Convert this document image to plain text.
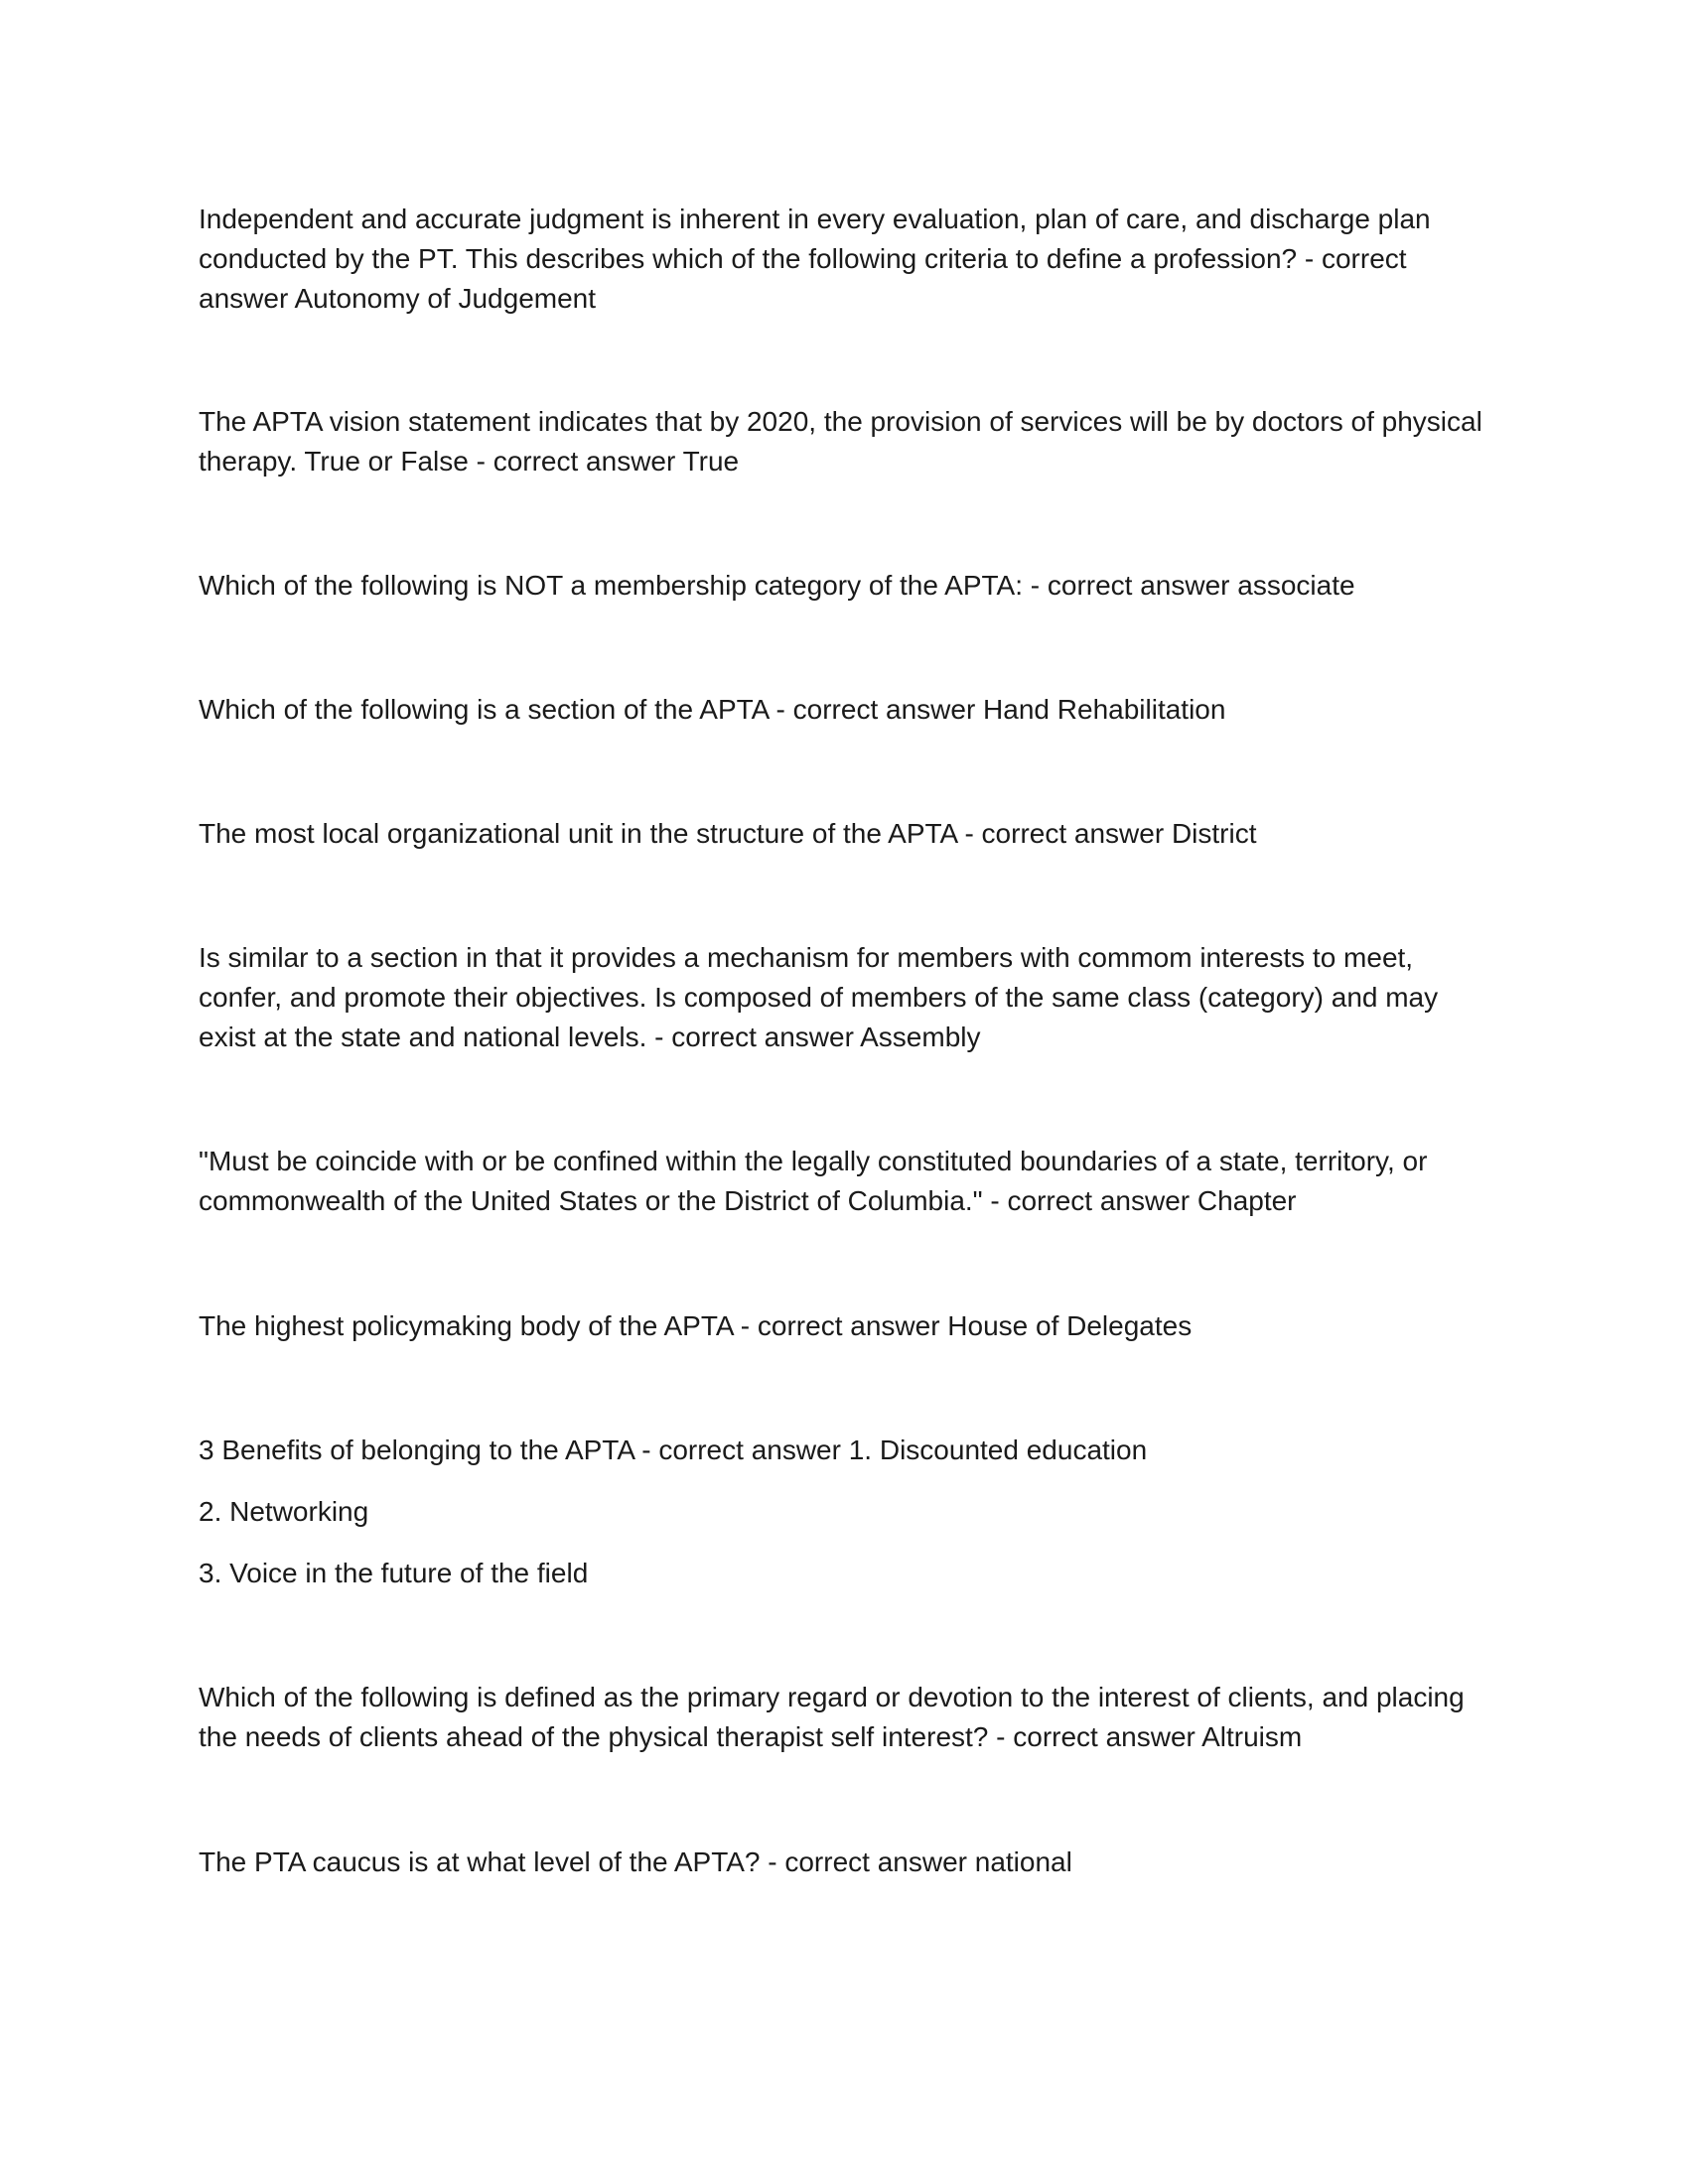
Independent and accurate judgment is inherent in every evaluation, plan of care, and discharge plan conducted by the PT. This describes which of the following criteria to define a profession? - correct answer Autonomy of Judgement

The APTA vision statement indicates that by 2020, the provision of services will be by doctors of physical therapy. True or False - correct answer True

Which of the following is NOT a membership category of the APTA: - correct answer associate

Which of the following is a section of the APTA - correct answer Hand Rehabilitation

The most local organizational unit in the structure of the APTA - correct answer District

Is similar to a section in that it provides a mechanism for members with commom interests to meet, confer, and promote their objectives. Is composed of members of the same class (category) and may exist at the state and national levels. - correct answer Assembly

"Must be coincide with or be confined within the legally constituted boundaries of a state, territory, or commonwealth of the United States or the District of Columbia." - correct answer Chapter

The highest policymaking body of the APTA - correct answer House of Delegates

3 Benefits of belonging to the APTA - correct answer 1. Discounted education

2. Networking

3. Voice in the future of the field

Which of the following is defined as the primary regard or devotion to the interest of clients, and placing the needs of clients ahead of the physical therapist self interest? - correct answer Altruism

The PTA caucus is at what level of the APTA? - correct answer national
